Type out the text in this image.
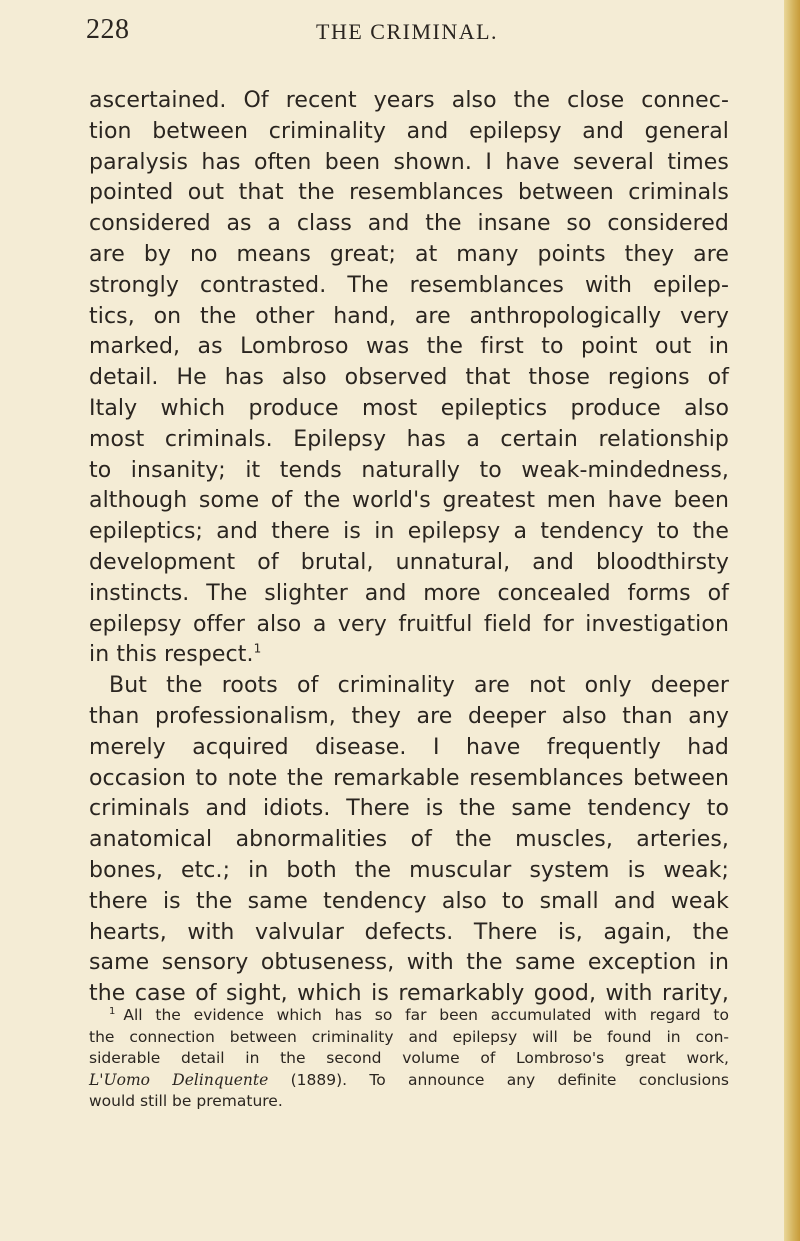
228	THE CRIMINAL.
ascertained. Of recent years also the close connec-
tion between criminality and epilepsy and general
paralysis has often been shown. I have several times
pointed out that the resemblances between criminals
considered as a class and the insane so considered
are by no means great; at many points they are
strongly contrasted. The resemblances with epilep-
tics, on the other hand, are anthropologically very
marked, as Lombroso was the first to point out in
detail. He has also observed that those regions of
Italy which produce most epileptics produce also
most criminals. Epilepsy has a certain relationship
to insanity; it tends naturally to weak-mindedness,
although some of the world's greatest men have been
epileptics; and there is in epilepsy a tendency to the
development of brutal, unnatural, and bloodthirsty
instincts. The slighter and more concealed forms of
epilepsy offer also a very fruitful field for investigation
in this respect.$^1$
But the roots of criminality are not only deeper
than professionalism, they are deeper also than any
merely acquired disease. I have frequently had
occasion to note the remarkable resemblances between
criminals and idiots. There is the same tendency to
anatomical abnormalities of the muscles, arteries,
bones, etc.; in both the muscular system is weak;
there is the same tendency also to small and weak
hearts, with valvular defects. There is, again, the
same sensory obtuseness, with the same exception in
the case of sight, which is remarkably good, with rarity,
$^1$ All the evidence which has so far been accumulated with regard to
the connection between criminality and epilepsy will be found in con-
siderable detail in the second volume of Lombroso's great work,
L'Uomo Delinquente (1889). To announce any definite conclusions
would still be premature.
